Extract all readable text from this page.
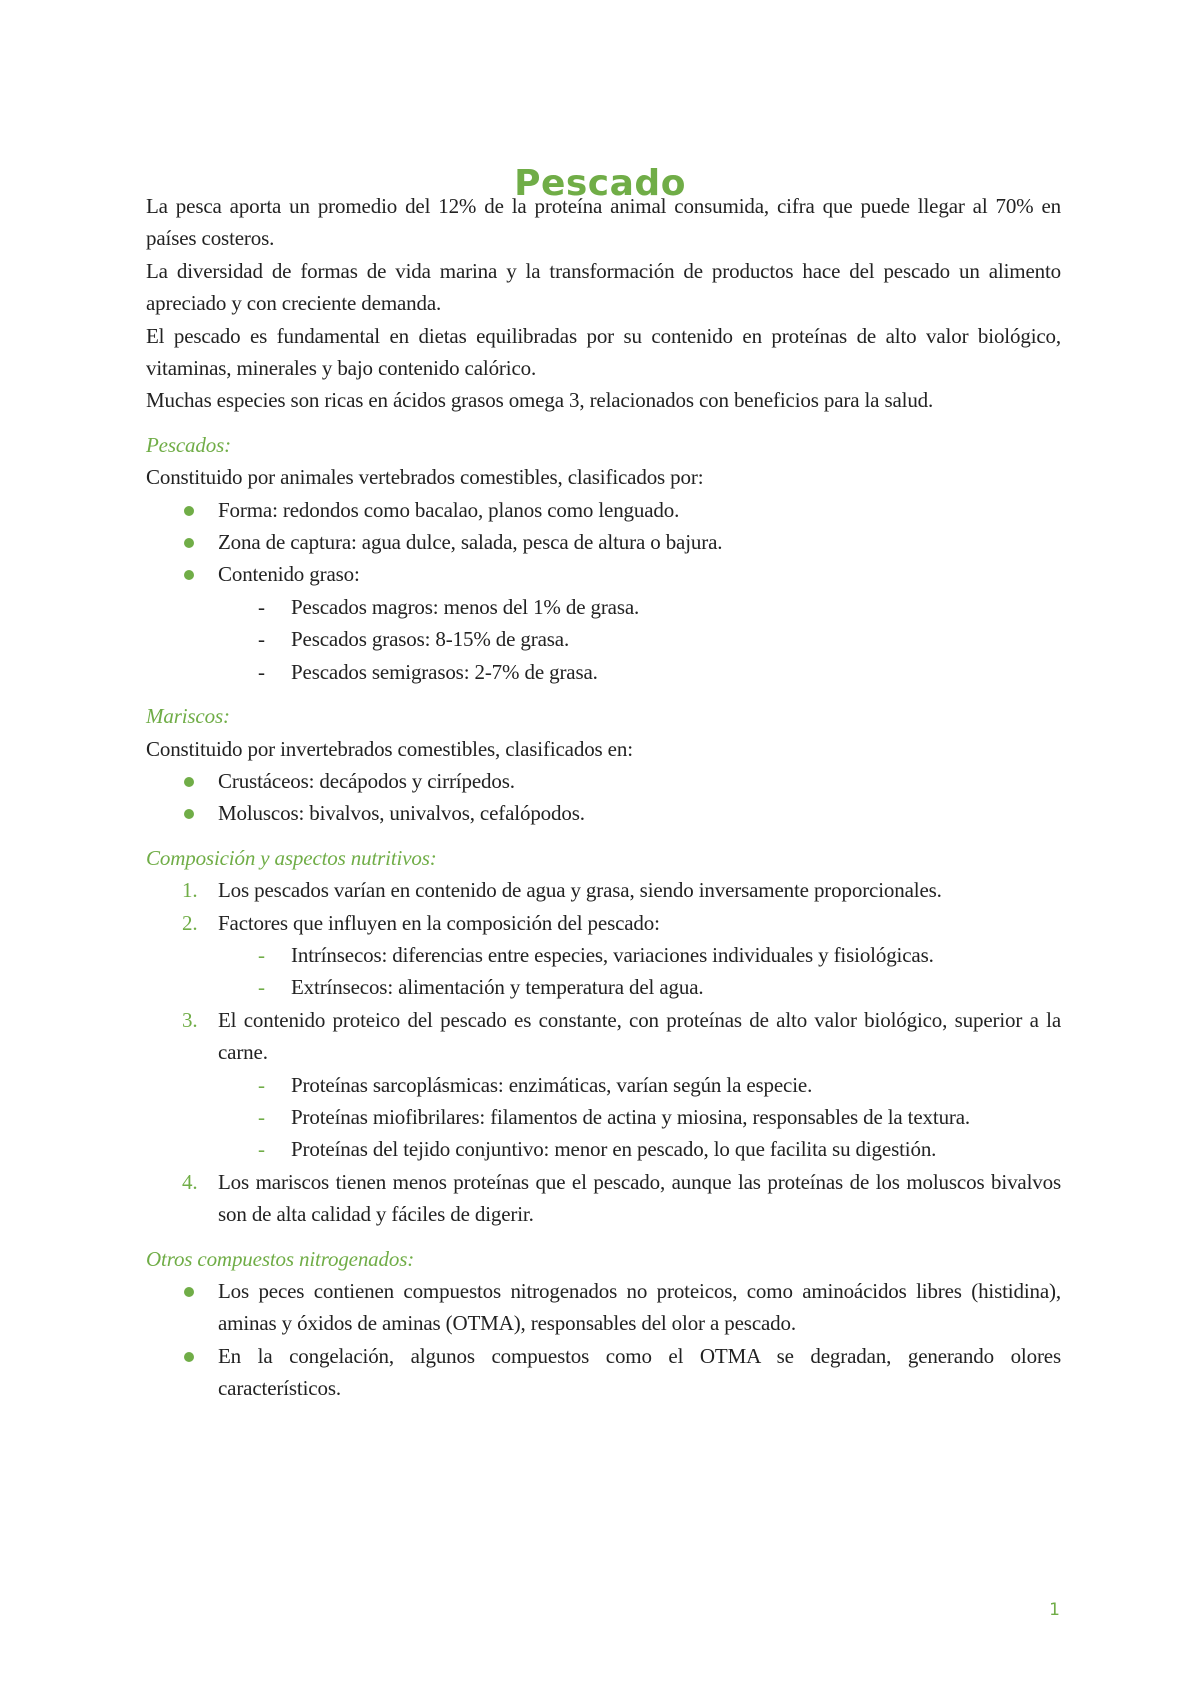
Pescado

La pesca aporta un promedio del 12% de la proteína animal consumida, cifra que puede llegar al 70% en países costeros.

La diversidad de formas de vida marina y la transformación de productos hace del pescado un alimento apreciado y con creciente demanda.

El pescado es fundamental en dietas equilibradas por su contenido en proteínas de alto valor biológico, vitaminas, minerales y bajo contenido calórico.

Muchas especies son ricas en ácidos grasos omega 3, relacionados con beneficios para la salud.

Pescados:

Constituido por animales vertebrados comestibles, clasificados por:

Forma: redondos como bacalao, planos como lenguado.
Zona de captura: agua dulce, salada, pesca de altura o bajura.
Contenido graso:
- Pescados magros: menos del 1% de grasa.
- Pescados grasos: 8-15% de grasa.
- Pescados semigrasos: 2-7% de grasa.

Mariscos:

Constituido por invertebrados comestibles, clasificados en:

Crustáceos: decápodos y cirrípedos.
Moluscos: bivalvos, univalvos, cefalópodos.

Composición y aspectos nutritivos:

1. Los pescados varían en contenido de agua y grasa, siendo inversamente proporcionales.
2. Factores que influyen en la composición del pescado:
- Intrínsecos: diferencias entre especies, variaciones individuales y fisiológicas.
- Extrínsecos: alimentación y temperatura del agua.
3. El contenido proteico del pescado es constante, con proteínas de alto valor biológico, superior a la carne.
- Proteínas sarcoplásmicas: enzimáticas, varían según la especie.
- Proteínas miofibrilares: filamentos de actina y miosina, responsables de la textura.
- Proteínas del tejido conjuntivo: menor en pescado, lo que facilita su digestión.
4. Los mariscos tienen menos proteínas que el pescado, aunque las proteínas de los moluscos bivalvos son de alta calidad y fáciles de digerir.

Otros compuestos nitrogenados:

Los peces contienen compuestos nitrogenados no proteicos, como aminoácidos libres (histidina), aminas y óxidos de aminas (OTMA), responsables del olor a pescado.
En la congelación, algunos compuestos como el OTMA se degradan, generando olores característicos.
1
